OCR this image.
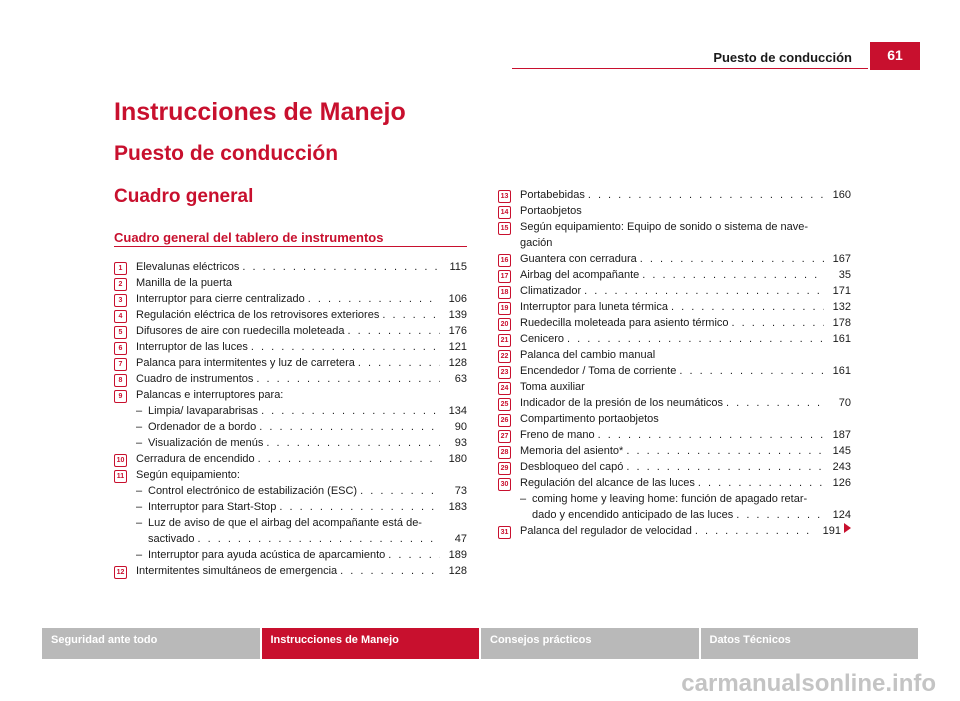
Puesto de conducción	61
Instrucciones de Manejo
Puesto de conducción
Cuadro general
Cuadro general del tablero de instrumentos
1	Elevalunas eléctricos . . .	115
2	Manilla de la puerta
3	Interruptor para cierre centralizado . . .	106
4	Regulación eléctrica de los retrovisores exteriores . . .	139
5	Difusores de aire con ruedecilla moleteada . . .	176
6	Interruptor de las luces . . .	121
7	Palanca para intermitentes y luz de carretera . . .	128
8	Cuadro de instrumentos . . .	63
9	Palancas e interruptores para:
– Limpia/ lavaparabrisas . . .	134
– Ordenador de a bordo . . .	90
– Visualización de menús . . .	93
10 Cerradura de encendido . . .	180
11 Según equipamiento:
– Control electrónico de estabilización (ESC) . . .	73
– Interruptor para Start-Stop . . .	183
– Luz de aviso de que el airbag del acompañante está de-
sactivado . . .	47
– Interruptor para ayuda acústica de aparcamiento . . .	189
12 Intermitentes simultáneos de emergencia . . .	128
13 Portabebidas . . .	160
14 Portaobjetos
15 Según equipamiento: Equipo de sonido o sistema de nave-
gación
16 Guantera con cerradura . . .	167
17 Airbag del acompañante . . .	35
18 Climatizador . . .	171
19 Interruptor para luneta térmica . . .	132
20 Ruedecilla moleteada para asiento térmico . . .	178
21 Cenicero . . .	161
22 Palanca del cambio manual
23 Encendedor / Toma de corriente . . .	161
24 Toma auxiliar
25 Indicador de la presión de los neumáticos . . .	70
26 Compartimento portaobjetos
27 Freno de mano . . .	187
28 Memoria del asiento* . . .	145
29 Desbloqueo del capó . . .	243
30 Regulación del alcance de las luces . . .	126
– coming home y leaving home: función de apagado retar-
dado y encendido anticipado de las luces . . .	124
31 Palanca del regulador de velocidad . . .	191
Seguridad ante todo	Instrucciones de Manejo	Consejos prácticos	Datos Técnicos
carmanualsonline.info
